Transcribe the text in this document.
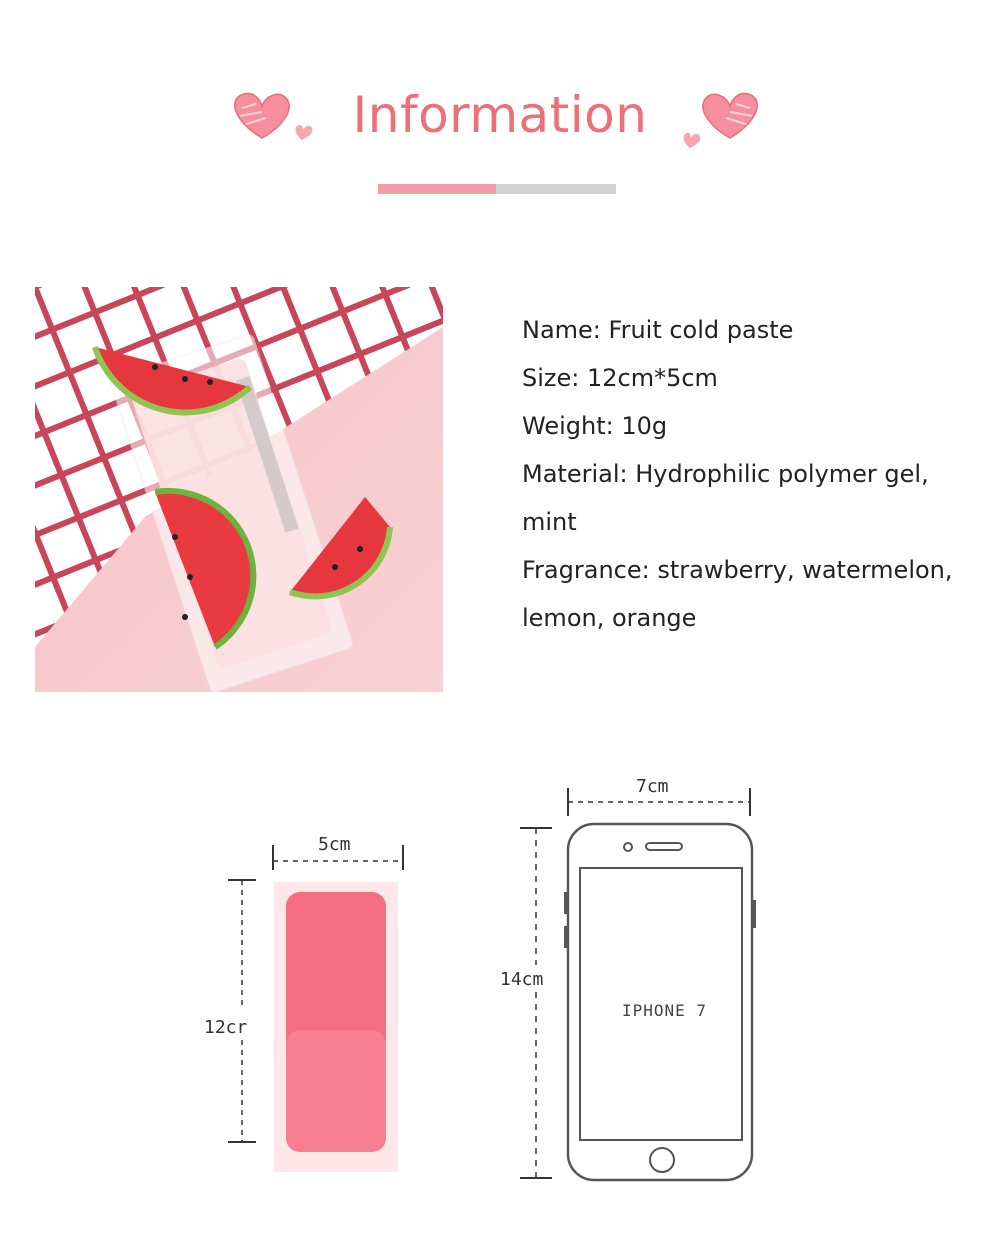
Information

Name: Fruit cold paste

Size: 12cm*5cm

Weight: 10g

Material: Hydrophilic polymer gel,

mint

Fragrance: strawberry, watermelon,

lemon, orange

5cm
12cr
7cm
14cm
IPHONE 7
